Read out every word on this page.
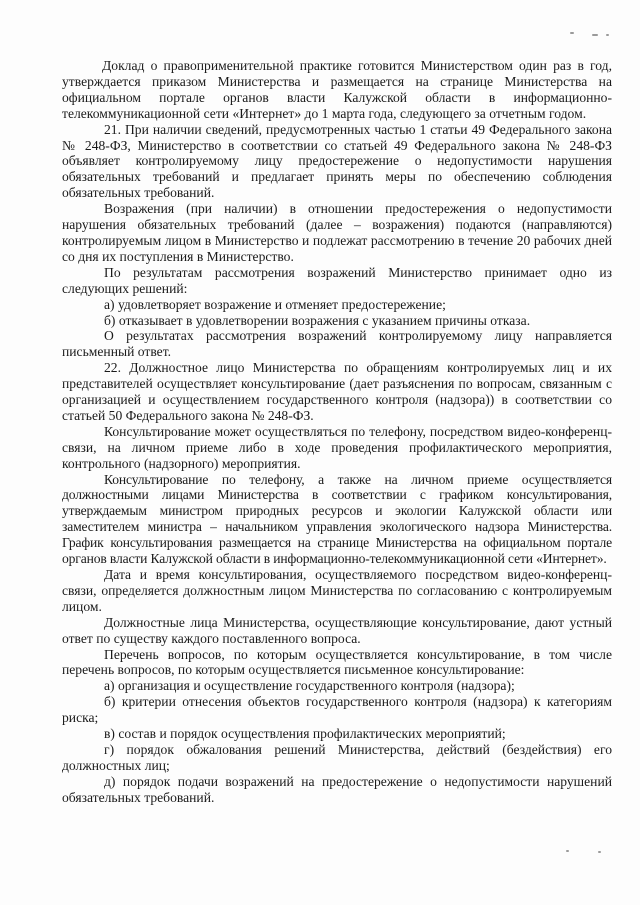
Доклад о правоприменительной практике готовится Министерством один раз в год, утверждается приказом Министерства и размещается на странице Министерства на официальном портале органов власти Калужской области в информационно-телекоммуникационной сети «Интернет» до 1 марта года, следующего за отчетным годом.

21. При наличии сведений, предусмотренных частью 1 статьи 49 Федерального закона № 248-ФЗ, Министерство в соответствии со статьей 49 Федерального закона № 248-ФЗ объявляет контролируемому лицу предостережение о недопустимости нарушения обязательных требований и предлагает принять меры по обеспечению соблюдения обязательных требований.

Возражения (при наличии) в отношении предостережения о недопустимости нарушения обязательных требований (далее – возражения) подаются (направляются) контролируемым лицом в Министерство и подлежат рассмотрению в течение 20 рабочих дней со дня их поступления в Министерство.

По результатам рассмотрения возражений Министерство принимает одно из следующих решений:

а) удовлетворяет возражение и отменяет предостережение;

б) отказывает в удовлетворении возражения с указанием причины отказа.

О результатах рассмотрения возражений контролируемому лицу направляется письменный ответ.

22. Должностное лицо Министерства по обращениям контролируемых лиц и их представителей осуществляет консультирование (дает разъяснения по вопросам, связанным с организацией и осуществлением государственного контроля (надзора)) в соответствии со статьей 50 Федерального закона № 248-ФЗ.

Консультирование может осуществляться по телефону, посредством видео-конференц-связи, на личном приеме либо в ходе проведения профилактического мероприятия, контрольного (надзорного) мероприятия.

Консультирование по телефону, а также на личном приеме осуществляется должностными лицами Министерства в соответствии с графиком консультирования, утверждаемым министром природных ресурсов и экологии Калужской области или заместителем министра – начальником управления экологического надзора Министерства. График консультирования размещается на странице Министерства на официальном портале органов власти Калужской области в информационно-телекоммуникационной сети «Интернет».

Дата и время консультирования, осуществляемого посредством видео-конференц-связи, определяется должностным лицом Министерства по согласованию с контролируемым лицом.

Должностные лица Министерства, осуществляющие консультирование, дают устный ответ по существу каждого поставленного вопроса.

Перечень вопросов, по которым осуществляется консультирование, в том числе перечень вопросов, по которым осуществляется письменное консультирование:

а) организация и осуществление государственного контроля (надзора);

б) критерии отнесения объектов государственного контроля (надзора) к категориям риска;

в) состав и порядок осуществления профилактических мероприятий;

г) порядок обжалования решений Министерства, действий (бездействия) его должностных лиц;

д) порядок подачи возражений на предостережение о недопустимости нарушений обязательных требований.
